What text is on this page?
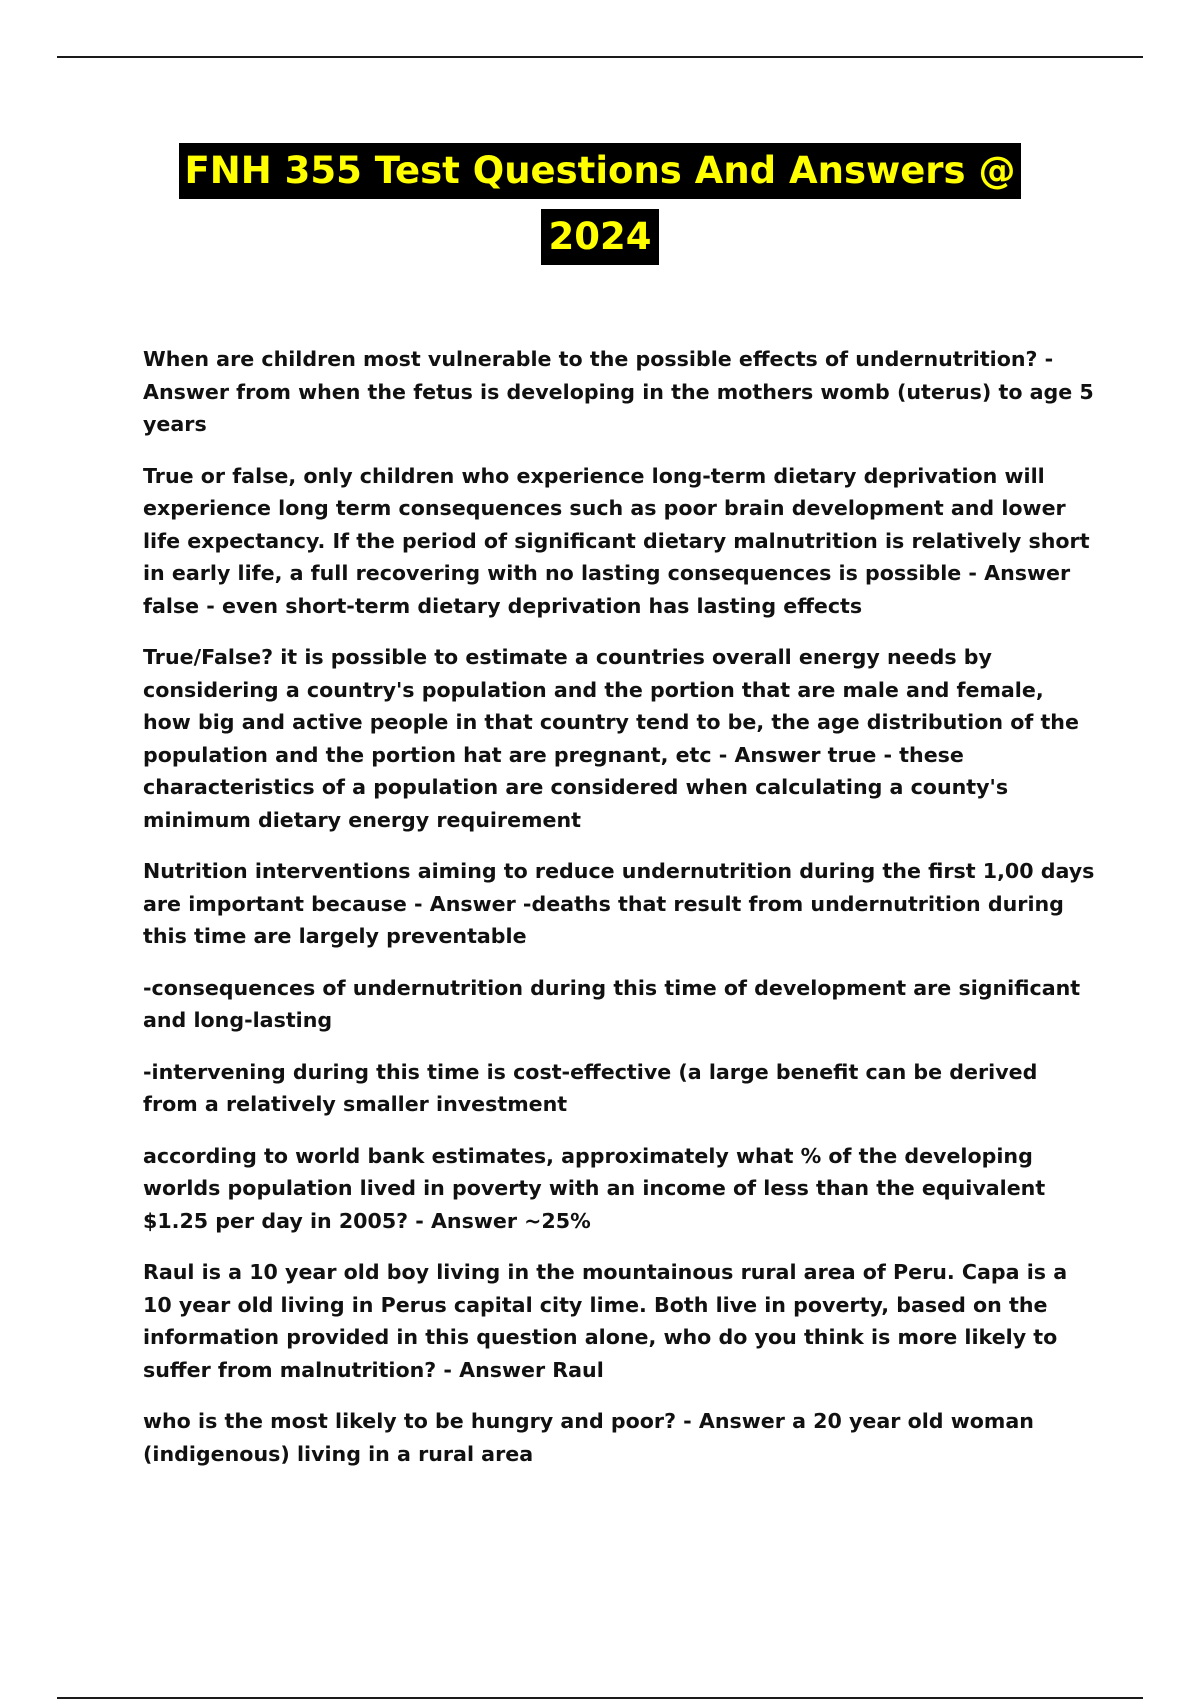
FNH 355 Test Questions And Answers @
2024

When are children most vulnerable to the possible effects of undernutrition? - Answer from when the fetus is developing in the mothers womb (uterus) to age 5 years

True or false, only children who experience long-term dietary deprivation will experience long term consequences such as poor brain development and lower life expectancy. If the period of significant dietary malnutrition is relatively short in early life, a full recovering with no lasting consequences is possible - Answer false - even short-term dietary deprivation has lasting effects

True/False? it is possible to estimate a countries overall energy needs by considering a country's population and the portion that are male and female, how big and active people in that country tend to be, the age distribution of the population and the portion hat are pregnant, etc - Answer true - these characteristics of a population are considered when calculating a county's minimum dietary energy requirement

Nutrition interventions aiming to reduce undernutrition during the first 1,00 days are important because - Answer -deaths that result from undernutrition during this time are largely preventable

-consequences of undernutrition during this time of development are significant and long-lasting

-intervening during this time is cost-effective (a large benefit can be derived from a relatively smaller investment

according to world bank estimates, approximately what % of the developing worlds population lived in poverty with an income of less than the equivalent $1.25 per day in 2005? - Answer ~25%

Raul is a 10 year old boy living in the mountainous rural area of Peru. Capa is a 10 year old living in Perus capital city lime. Both live in poverty, based on the information provided in this question alone, who do you think is more likely to suffer from malnutrition? - Answer Raul

who is the most likely to be hungry and poor? - Answer a 20 year old woman (indigenous) living in a rural area
